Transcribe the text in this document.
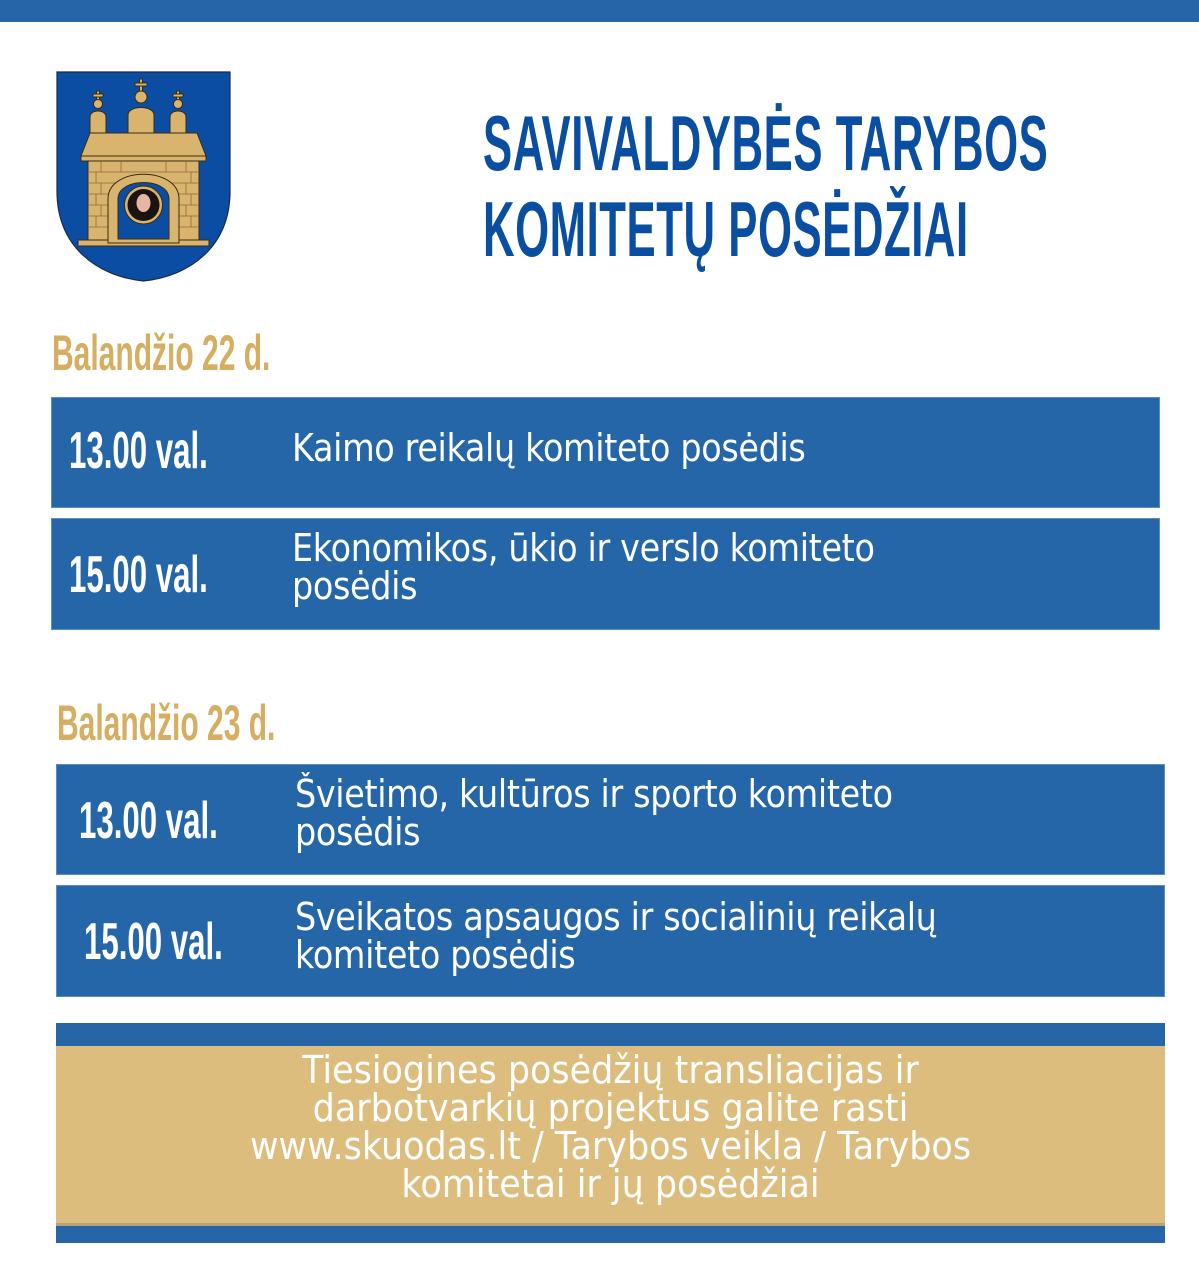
SAVIVALDYBĖS TARYBOS
KOMITETŲ POSĖDŽIAI
Balandžio 22 d.
13.00 val. Kaimo reikalų komiteto posėdis
15.00 val. Ekonomikos, ūkio ir verslo komiteto
posėdis
Balandžio 23 d.
13.00 val. Švietimo, kultūros ir sporto komiteto
posėdis
15.00 val. Sveikatos apsaugos ir socialinių reikalų
komiteto posėdis
Tiesiogines posėdžių transliacijas ir
darbotvarkių projektus galite rasti
www.skuodas.lt / Tarybos veikla / Tarybos
komitetai ir jų posėdžiai
